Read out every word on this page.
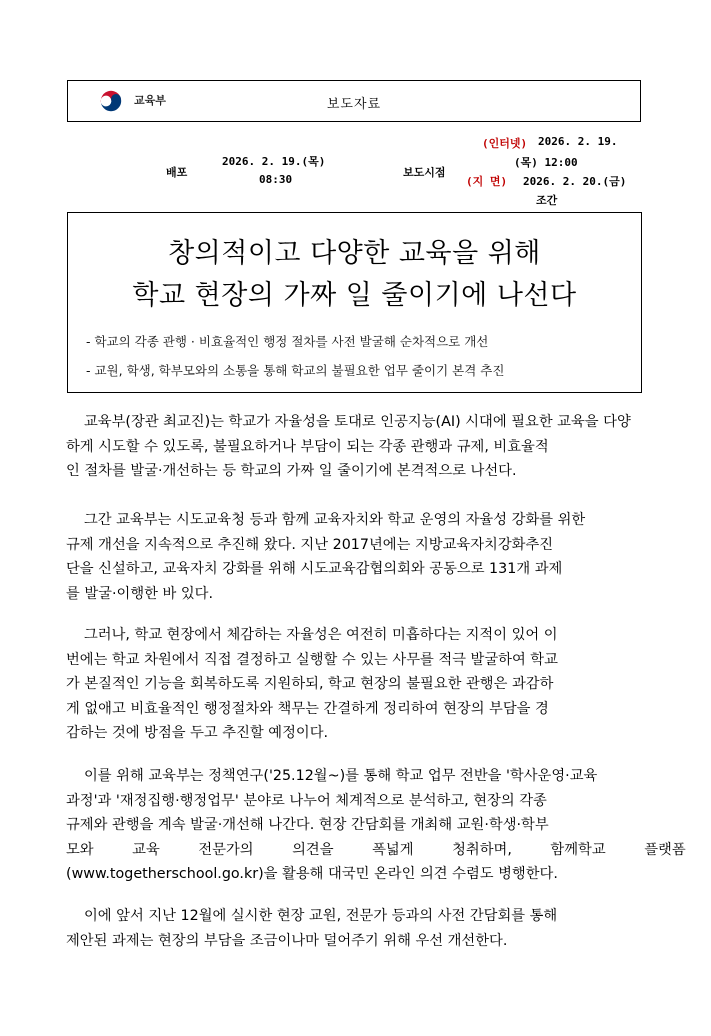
교육부	보도자료
배포
2026. 2. 19.(목)
08:30
보도시점
(인터넷) 2026. 2. 19.
(목) 12:00
(지 면) 2026. 2. 20.(금)
조간
창의적이고 다양한 교육을 위해
학교 현장의 가짜 일 줄이기에 나선다
- 학교의 각종 관행 · 비효율적인 행정 절차를 사전 발굴해 순차적으로 개선
- 교원, 학생, 학부모와의 소통을 통해 학교의 불필요한 업무 줄이기 본격 추진
교육부(장관 최교진)는 학교가 자율성을 토대로 인공지능(AI) 시대에 필요한 교육을 다양
하게 시도할 수 있도록, 불필요하거나 부담이 되는 각종 관행과 규제, 비효율적
인 절차를 발굴·개선하는 등 학교의 가짜 일 줄이기에 본격적으로 나선다.
그간 교육부는 시도교육청 등과 함께 교육자치와 학교 운영의 자율성 강화를 위한
규제 개선을 지속적으로 추진해 왔다. 지난 2017년에는 지방교육자치강화추진
단을 신설하고, 교육자치 강화를 위해 시도교육감협의회와 공동으로 131개 과제
를 발굴·이행한 바 있다.
그러나, 학교 현장에서 체감하는 자율성은 여전히 미흡하다는 지적이 있어 이
번에는 학교 차원에서 직접 결정하고 실행할 수 있는 사무를 적극 발굴하여 학교
가 본질적인 기능을 회복하도록 지원하되, 학교 현장의 불필요한 관행은 과감하
게 없애고 비효율적인 행정절차와 책무는 간결하게 정리하여 현장의 부담을 경
감하는 것에 방점을 두고 추진할 예정이다.
이를 위해 교육부는 정책연구('25.12월~)를 통해 학교 업무 전반을 '학사운영·교육
과정'과 '재정집행·행정업무' 분야로 나누어 체계적으로 분석하고, 현장의 각종
규제와 관행을 계속 발굴·개선해 나간다. 현장 간담회를 개최해 교원·학생·학부
모와 교육 전문가의 의견을 폭넓게 청취하며, 함께학교 플랫폼
(www.togetherschool.go.kr)을 활용해 대국민 온라인 의견 수렴도 병행한다.
이에 앞서 지난 12월에 실시한 현장 교원, 전문가 등과의 사전 간담회를 통해
제안된 과제는 현장의 부담을 조금이나마 덜어주기 위해 우선 개선한다.
